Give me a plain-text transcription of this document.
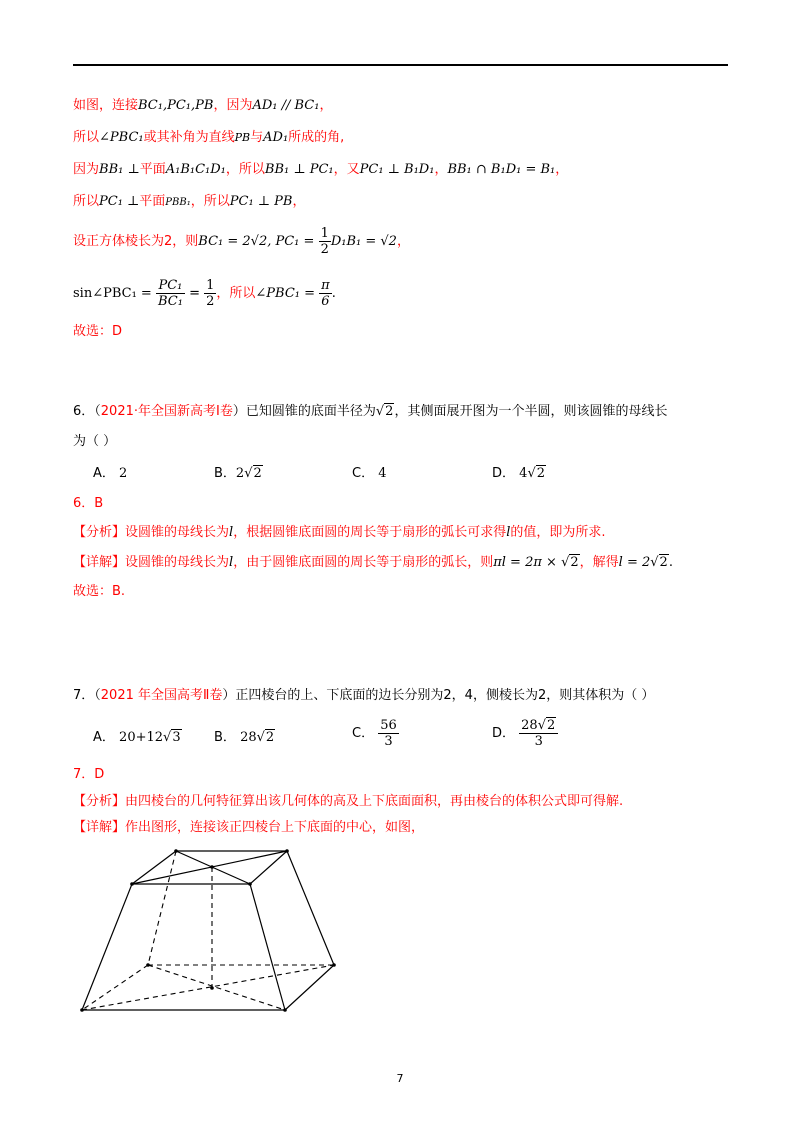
如图，连接BC₁,PC₁,PB，因为AD₁ // BC₁，
所以∠PBC₁或其补角为直线PB与AD₁所成的角,
因为BB₁ ⊥平面A₁B₁C₁D₁，所以BB₁ ⊥ PC₁，又PC₁ ⊥ B₁D₁，BB₁ ∩ B₁D₁ = B₁，
所以PC₁ ⊥平面PBB₁，所以PC₁ ⊥ PB，
设正方体棱长为2，则BC₁ = 2√2, $PC_1 = \frac{1}{2} D_1B_1 = √2$，
sin∠PBC₁ = $\frac{\text{PC₁}}{\text{BC₁}} = \frac{1}{2}$ ，所以∠PBC₁ = $\frac{\pi}{6}$ .
故选：D
6．（2021·年全国新高考Ⅰ卷）已知圆锥的底面半径为√2，其侧面展开图为一个半圆，则该圆锥的母线长
为（ ）
A． 2	B．2√2	C． 4	D． 4√2
6．B
【分析】设圆锥的母线长为l，根据圆锥底面圆的周长等于扇形的弧长可求得l的值，即为所求.
【详解】设圆锥的母线长为l，由于圆锥底面圆的周长等于扇形的弧长，则πl = 2π × √2，解得l = 2√2.
故选：B.
7．（2021 年全国高考Ⅱ卷）正四棱台的上、下底面的边长分别为2，4，侧棱长为2，则其体积为（ ）
A． 20+12√3	B． 28√2	C． $\frac{56}{3}$	D． $\frac{28√2}{3}$
7．D
【分析】由四棱台的几何特征算出该几何体的高及上下底面面积，再由棱台的体积公式即可得解.
【详解】作出图形，连接该正四棱台上下底面的中心，如图，
7
